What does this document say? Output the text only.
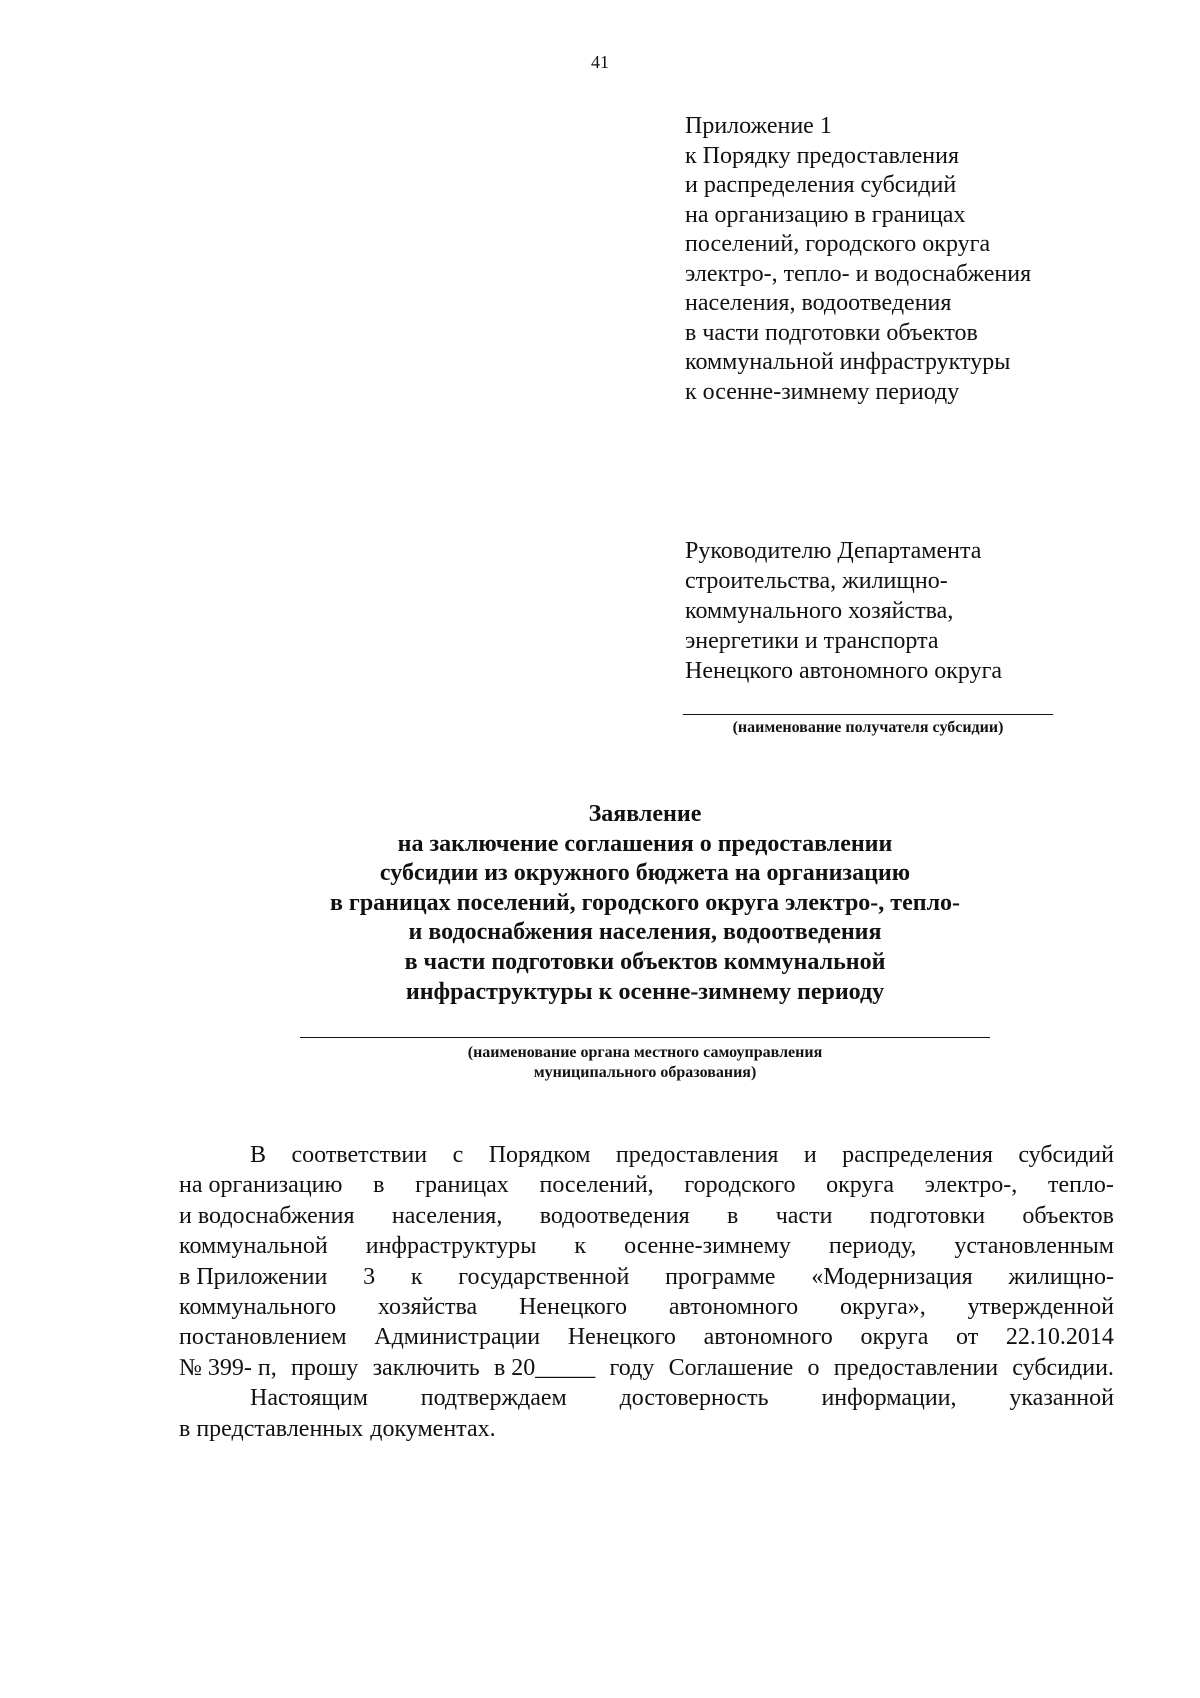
41
Приложение 1
к Порядку предоставления
и распределения субсидий
на организацию в границах
поселений, городского округа
электро-, тепло- и водоснабжения
населения, водоотведения
в части подготовки объектов
коммунальной инфраструктуры
к осенне-зимнему периоду
Руководителю Департамента
строительства, жилищно-
коммунального хозяйства,
энергетики и транспорта
Ненецкого автономного округа
(наименование получателя субсидии)
Заявление
на заключение соглашения о предоставлении
субсидии из окружного бюджета на организацию
в границах поселений, городского округа электро-, тепло-
и водоснабжения населения, водоотведения
в части подготовки объектов коммунальной
инфраструктуры к осенне-зимнему периоду
(наименование органа местного самоуправления
муниципального образования)
В соответствии с Порядком предоставления и распределения субсидий
на организацию в границах поселений, городского округа электро-, тепло-
и водоснабжения населения, водоотведения в части подготовки объектов
коммунальной инфраструктуры к осенне-зимнему периоду, установленным
в Приложении 3 к государственной программе «Модернизация жилищно-
коммунального хозяйства Ненецкого автономного округа», утвержденной
постановлением Администрации Ненецкого автономного округа от 22.10.2014
№ 399- п, прошу заключить в 20_____ году Соглашение о предоставлении субсидии.
Настоящим подтверждаем достоверность информации, указанной
в представленных документах.
